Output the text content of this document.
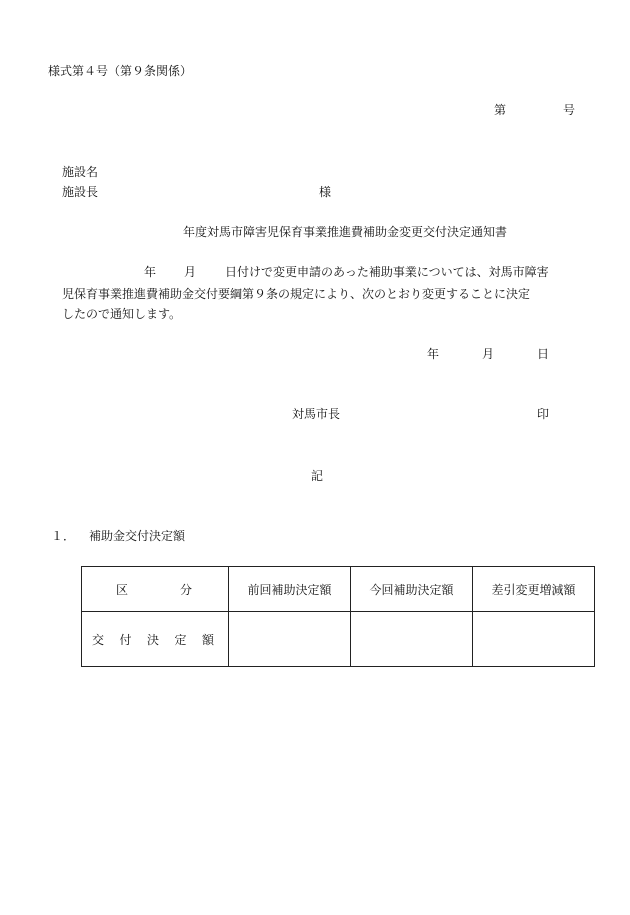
様式第４号（第９条関係）
第	号
施設名
施設長	様
年度対馬市障害児保育事業推進費補助金変更交付決定通知書
年 月 日付けで変更申請のあった補助事業については、対馬市障害
児保育事業推進費補助金交付要綱第９条の規定により、次のとおり変更することに決定
したので通知します。
年	月	日
対馬市長	印
記
１． 補助金交付決定額
区 分	前回補助決定額	今回補助決定額	差引変更増減額

交 付 決 定 額			
